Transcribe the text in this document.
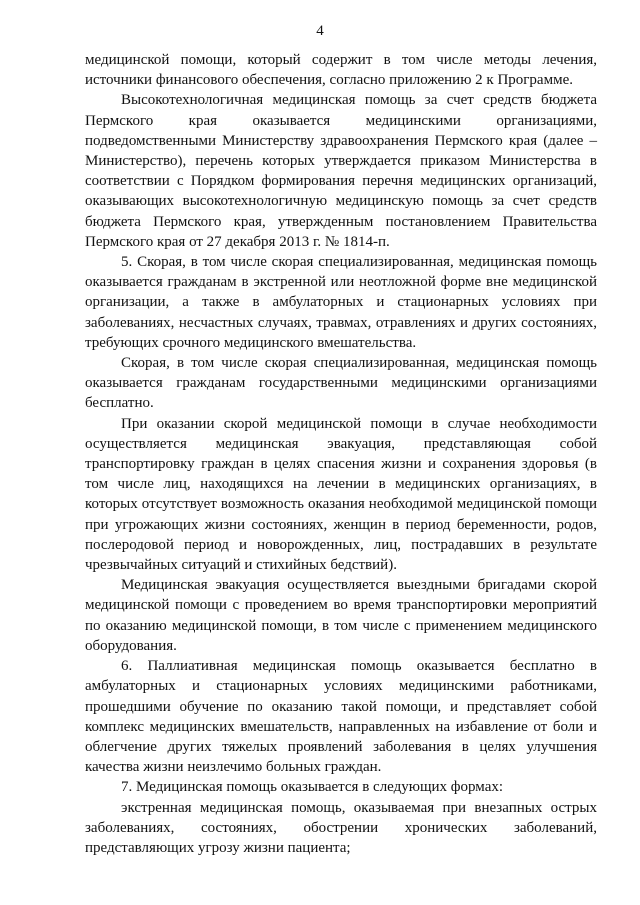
4

медицинской помощи, который содержит в том числе методы лечения, источники финансового обеспечения, согласно приложению 2 к Программе.

Высокотехнологичная медицинская помощь за счет средств бюджета Пермского края оказывается медицинскими организациями, подведомственными Министерству здравоохранения Пермского края (далее – Министерство), перечень которых утверждается приказом Министерства в соответствии с Порядком формирования перечня медицинских организаций, оказывающих высокотехнологичную медицинскую помощь за счет средств бюджета Пермского края, утвержденным постановлением Правительства Пермского края от 27 декабря 2013 г. № 1814-п.

5. Скорая, в том числе скорая специализированная, медицинская помощь оказывается гражданам в экстренной или неотложной форме вне медицинской организации, а также в амбулаторных и стационарных условиях при заболеваниях, несчастных случаях, травмах, отравлениях и других состояниях, требующих срочного медицинского вмешательства.

Скорая, в том числе скорая специализированная, медицинская помощь оказывается гражданам государственными медицинскими организациями бесплатно.

При оказании скорой медицинской помощи в случае необходимости осуществляется медицинская эвакуация, представляющая собой транспортировку граждан в целях спасения жизни и сохранения здоровья (в том числе лиц, находящихся на лечении в медицинских организациях, в которых отсутствует возможность оказания необходимой медицинской помощи при угрожающих жизни состояниях, женщин в период беременности, родов, послеродовой период и новорожденных, лиц, пострадавших в результате чрезвычайных ситуаций и стихийных бедствий).

Медицинская эвакуация осуществляется выездными бригадами скорой медицинской помощи с проведением во время транспортировки мероприятий по оказанию медицинской помощи, в том числе с применением медицинского оборудования.

6. Паллиативная медицинская помощь оказывается бесплатно в амбулаторных и стационарных условиях медицинскими работниками, прошедшими обучение по оказанию такой помощи, и представляет собой комплекс медицинских вмешательств, направленных на избавление от боли и облегчение других тяжелых проявлений заболевания в целях улучшения качества жизни неизлечимо больных граждан.

7. Медицинская помощь оказывается в следующих формах:

экстренная медицинская помощь, оказываемая при внезапных острых заболеваниях, состояниях, обострении хронических заболеваний, представляющих угрозу жизни пациента;
